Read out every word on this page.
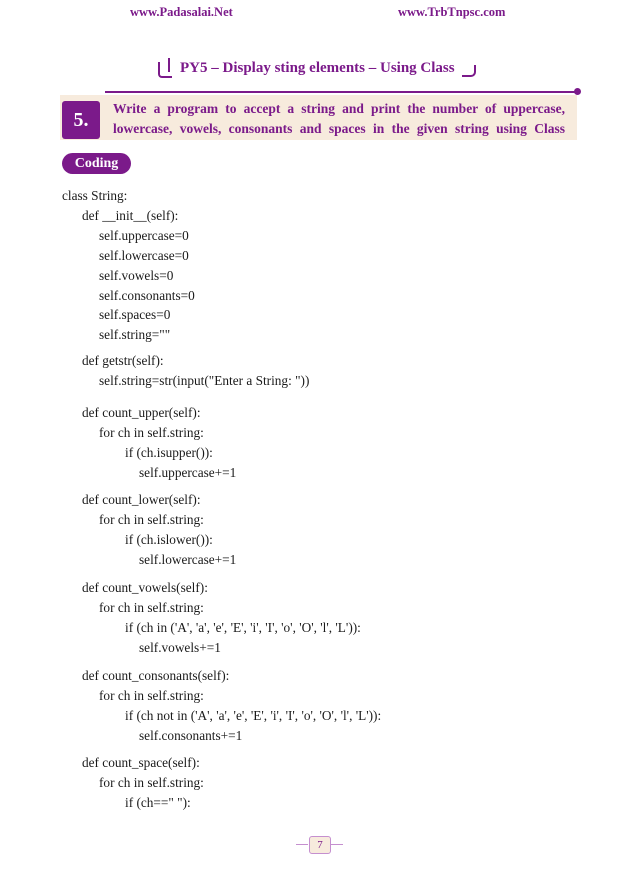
www.Padasalai.Net	www.TrbTnpsc.com
PY5 – Display sting elements – Using Class
5.	Write a program to accept a string and print the number of uppercase, lowercase, vowels, consonants and spaces in the given string using Class
Coding
class String:
def __init__(self):
self.uppercase=0
self.lowercase=0
self.vowels=0
self.consonants=0
self.spaces=0
self.string=""
def getstr(self):
self.string=str(input("Enter a String: "))
def count_upper(self):
for ch in self.string:
if (ch.isupper()):
self.uppercase+=1
def count_lower(self):
for ch in self.string:
if (ch.islower()):
self.lowercase+=1
def count_vowels(self):
for ch in self.string:
if (ch in ('A', 'a', 'e', 'E', 'i', 'I', 'o', 'O', 'l', 'L')):
self.vowels+=1
def count_consonants(self):
for ch in self.string:
if (ch not in ('A', 'a', 'e', 'E', 'i', 'I', 'o', 'O', 'l', 'L')):
self.consonants+=1
def count_space(self):
for ch in self.string:
if (ch==" "):
7
